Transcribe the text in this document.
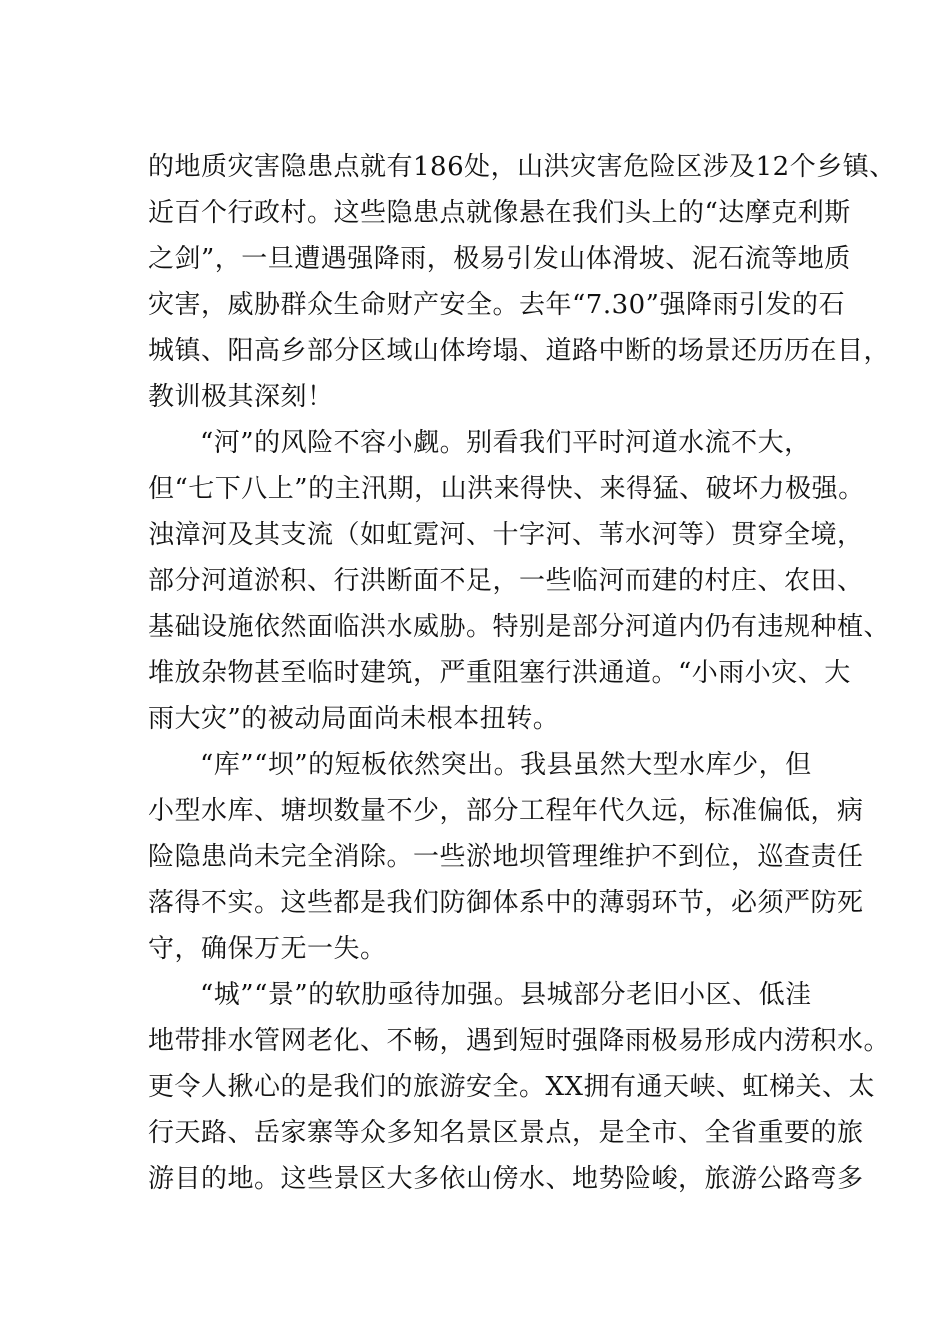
的地质灾害隐患点就有186处，山洪灾害危险区涉及12个乡镇、
近百个行政村。这些隐患点就像悬在我们头上的“达摩克利斯
之剑”，一旦遭遇强降雨，极易引发山体滑坡、泥石流等地质
灾害，威胁群众生命财产安全。去年“7.30”强降雨引发的石
城镇、阳高乡部分区域山体垮塌、道路中断的场景还历历在目，
教训极其深刻！
“河”的风险不容小觑。别看我们平时河道水流不大，
但“七下八上”的主汛期，山洪来得快、来得猛、破坏力极强。
浊漳河及其支流（如虹霓河、十字河、苇水河等）贯穿全境，
部分河道淤积、行洪断面不足，一些临河而建的村庄、农田、
基础设施依然面临洪水威胁。特别是部分河道内仍有违规种植、
堆放杂物甚至临时建筑，严重阻塞行洪通道。“小雨小灾、大
雨大灾”的被动局面尚未根本扭转。
“库”“坝”的短板依然突出。我县虽然大型水库少，但
小型水库、塘坝数量不少，部分工程年代久远，标准偏低，病
险隐患尚未完全消除。一些淤地坝管理维护不到位，巡查责任
落得不实。这些都是我们防御体系中的薄弱环节，必须严防死
守，确保万无一失。
“城”“景”的软肋亟待加强。县城部分老旧小区、低洼
地带排水管网老化、不畅，遇到短时强降雨极易形成内涝积水。
更令人揪心的是我们的旅游安全。XX拥有通天峡、虹梯关、太
行天路、岳家寨等众多知名景区景点，是全市、全省重要的旅
游目的地。这些景区大多依山傍水、地势险峻，旅游公路弯多
